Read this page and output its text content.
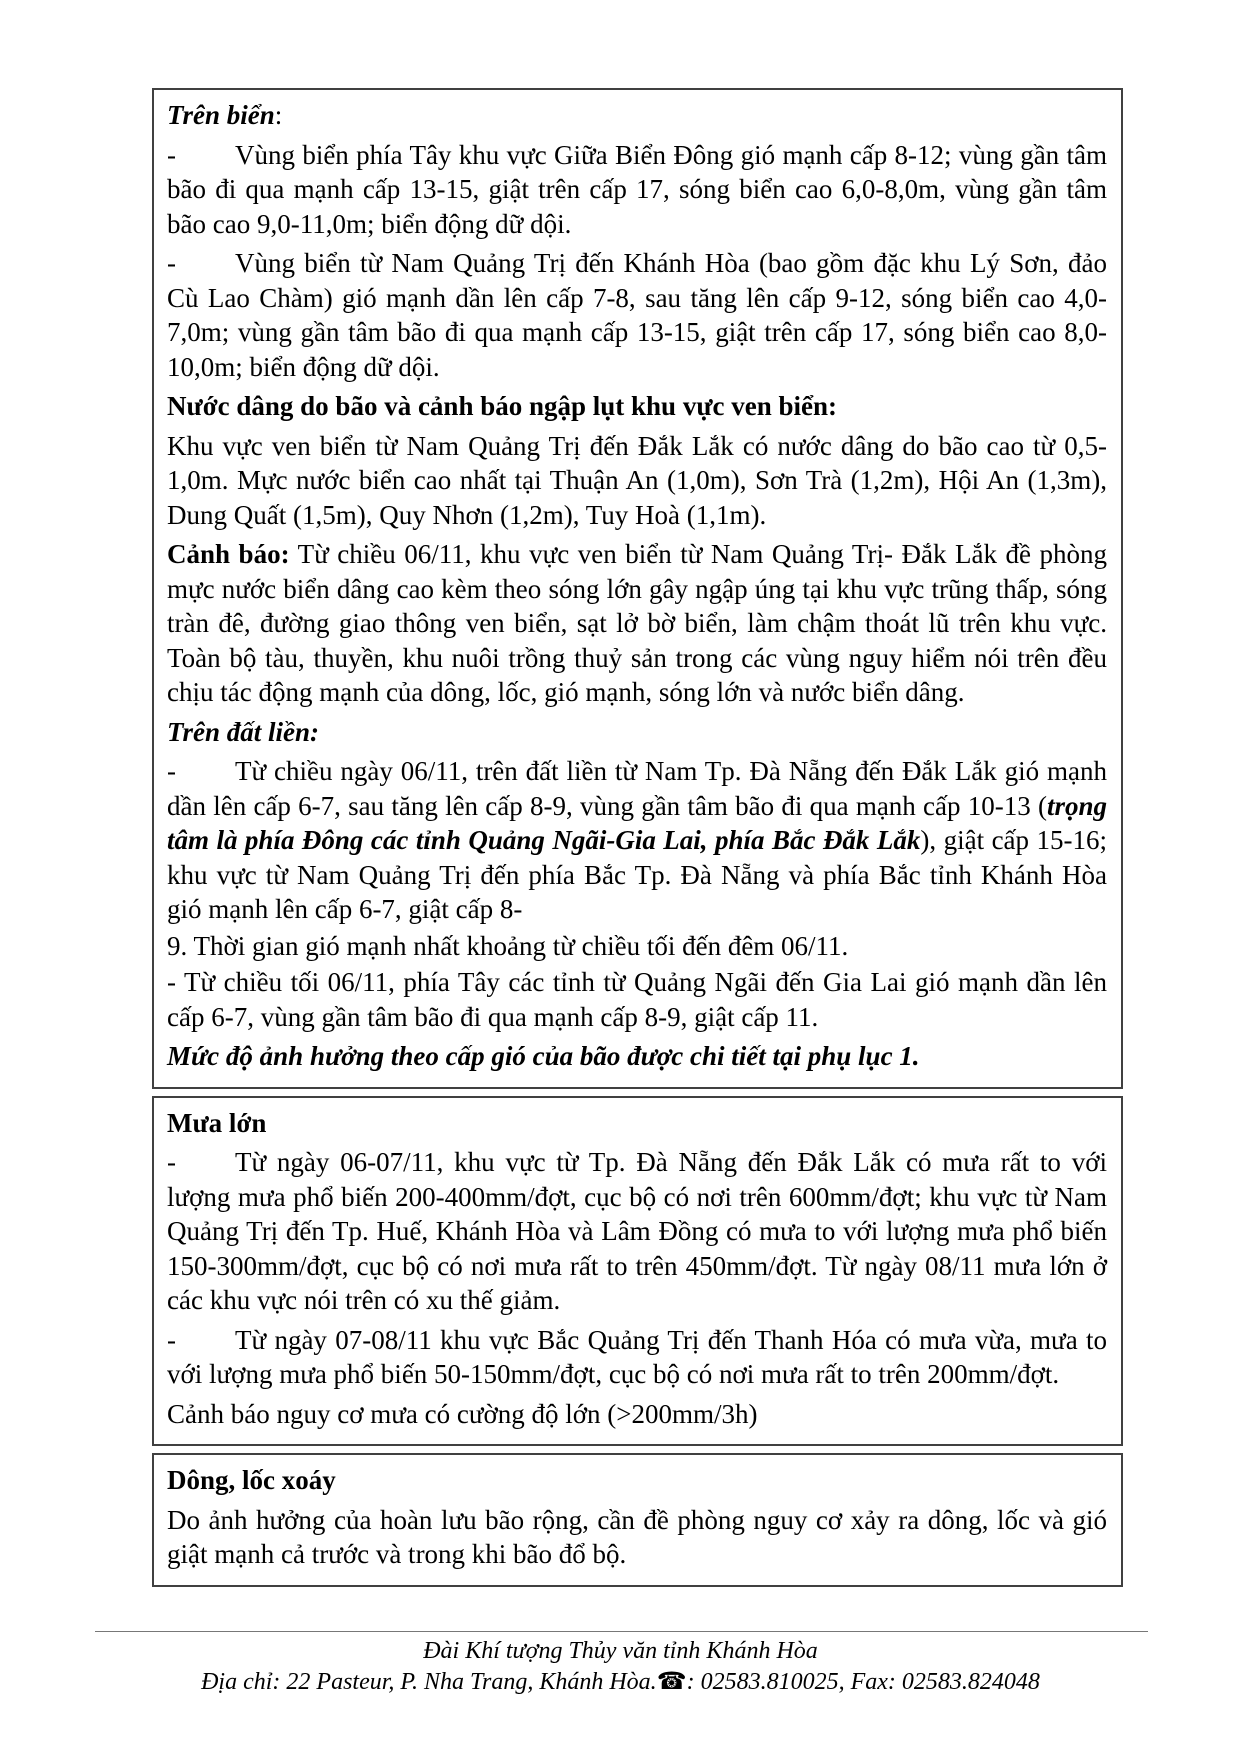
Trên biển:

- Vùng biển phía Tây khu vực Giữa Biển Đông gió mạnh cấp 8-12; vùng gần tâm bão đi qua mạnh cấp 13-15, giật trên cấp 17, sóng biển cao 6,0-8,0m, vùng gần tâm bão cao 9,0-11,0m; biển động dữ dội.

- Vùng biển từ Nam Quảng Trị đến Khánh Hòa (bao gồm đặc khu Lý Sơn, đảo Cù Lao Chàm) gió mạnh dần lên cấp 7-8, sau tăng lên cấp 9-12, sóng biển cao 4,0-7,0m; vùng gần tâm bão đi qua mạnh cấp 13-15, giật trên cấp 17, sóng biển cao 8,0-10,0m; biển động dữ dội.

Nước dâng do bão và cảnh báo ngập lụt khu vực ven biển:

Khu vực ven biển từ Nam Quảng Trị đến Đắk Lắk có nước dâng do bão cao từ 0,5-1,0m. Mực nước biển cao nhất tại Thuận An (1,0m), Sơn Trà (1,2m), Hội An (1,3m), Dung Quất (1,5m), Quy Nhơn (1,2m), Tuy Hoà (1,1m).

Cảnh báo: Từ chiều 06/11, khu vực ven biển từ Nam Quảng Trị- Đắk Lắk đề phòng mực nước biển dâng cao kèm theo sóng lớn gây ngập úng tại khu vực trũng thấp, sóng tràn đê, đường giao thông ven biển, sạt lở bờ biển, làm chậm thoát lũ trên khu vực. Toàn bộ tàu, thuyền, khu nuôi trồng thuỷ sản trong các vùng nguy hiểm nói trên đều chịu tác động mạnh của dông, lốc, gió mạnh, sóng lớn và nước biển dâng.

Trên đất liền:

- Từ chiều ngày 06/11, trên đất liền từ Nam Tp. Đà Nẵng đến Đắk Lắk gió mạnh dần lên cấp 6-7, sau tăng lên cấp 8-9, vùng gần tâm bão đi qua mạnh cấp 10-13 (trọng tâm là phía Đông các tỉnh Quảng Ngãi-Gia Lai, phía Bắc Đắk Lắk), giật cấp 15-16; khu vực từ Nam Quảng Trị đến phía Bắc Tp. Đà Nẵng và phía Bắc tỉnh Khánh Hòa gió mạnh lên cấp 6-7, giật cấp 8-

9. Thời gian gió mạnh nhất khoảng từ chiều tối đến đêm 06/11.

- Từ chiều tối 06/11, phía Tây các tỉnh từ Quảng Ngãi đến Gia Lai gió mạnh dần lên cấp 6-7, vùng gần tâm bão đi qua mạnh cấp 8-9, giật cấp 11.

Mức độ ảnh hưởng theo cấp gió của bão được chi tiết tại phụ lục 1.

Mưa lớn

- Từ ngày 06-07/11, khu vực từ Tp. Đà Nẵng đến Đắk Lắk có mưa rất to với lượng mưa phổ biến 200-400mm/đợt, cục bộ có nơi trên 600mm/đợt; khu vực từ Nam Quảng Trị đến Tp. Huế, Khánh Hòa và Lâm Đồng có mưa to với lượng mưa phổ biến 150-300mm/đợt, cục bộ có nơi mưa rất to trên 450mm/đợt. Từ ngày 08/11 mưa lớn ở các khu vực nói trên có xu thế giảm.

- Từ ngày 07-08/11 khu vực Bắc Quảng Trị đến Thanh Hóa có mưa vừa, mưa to với lượng mưa phổ biến 50-150mm/đợt, cục bộ có nơi mưa rất to trên 200mm/đợt.

Cảnh báo nguy cơ mưa có cường độ lớn (>200mm/3h)

Dông, lốc xoáy

Do ảnh hưởng của hoàn lưu bão rộng, cần đề phòng nguy cơ xảy ra dông, lốc và gió giật mạnh cả trước và trong khi bão đổ bộ.

Đài Khí tượng Thủy văn tỉnh Khánh Hòa
Địa chỉ: 22 Pasteur, P. Nha Trang, Khánh Hòa.☎: 02583.810025, Fax: 02583.824048
